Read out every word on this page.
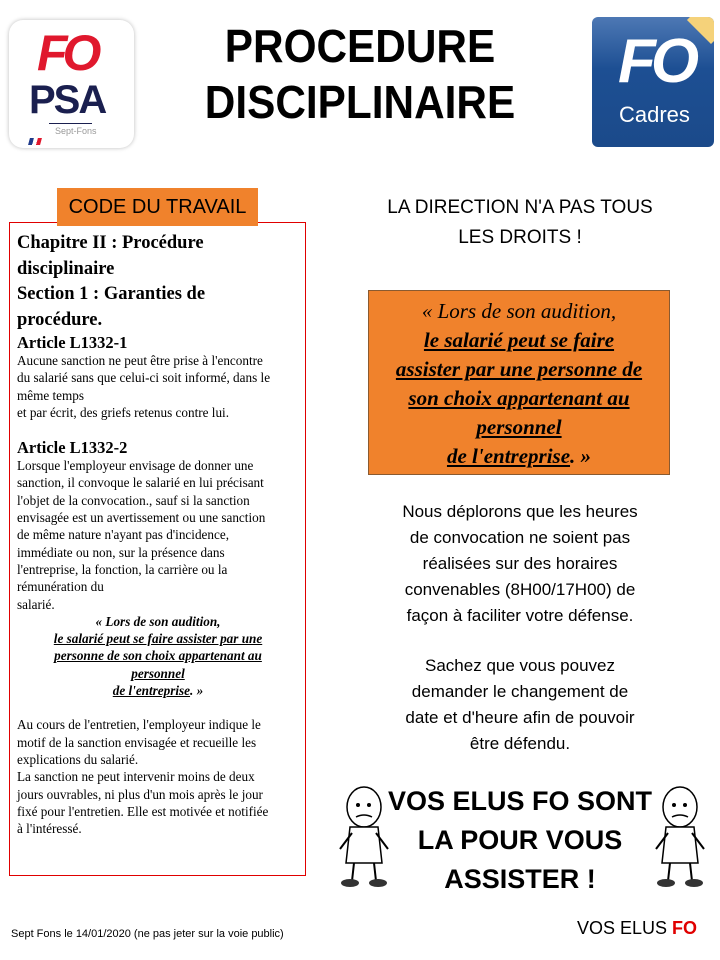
FO
PSA
Sept-Fons
PROCEDURE
DISCIPLINAIRE
FO
Cadres
CODE DU TRAVAIL
Chapitre II : Procédure
disciplinaire
Section 1 : Garanties de
procédure.
Article L1332-1
Aucune sanction ne peut être prise à l'encontre
du salarié sans que celui-ci soit informé, dans le
même temps
et par écrit, des griefs retenus contre lui.
Article L1332-2
Lorsque l'employeur envisage de donner une
sanction, il convoque le salarié en lui précisant
l'objet de la convocation., sauf si la sanction
envisagée est un avertissement ou une sanction
de même nature n'ayant pas d'incidence,
immédiate ou non, sur la présence dans
l'entreprise, la fonction, la carrière ou la
rémunération du
salarié.
« Lors de son audition,
le salarié peut se faire assister par une
personne de son choix appartenant au
personnel
de l'entreprise. »
Au cours de l'entretien, l'employeur indique le
motif de la sanction envisagée et recueille les
explications du salarié.
La sanction ne peut intervenir moins de deux
jours ouvrables, ni plus d'un mois après le jour
fixé pour l'entretien. Elle est motivée et notifiée
à l'intéressé.
LA DIRECTION N'A PAS TOUS
LES DROITS !
« Lors de son audition,
le salarié peut se faire
assister par une personne de
son choix appartenant au
personnel
de l'entreprise. »
Nous déplorons que les heures
de convocation ne soient pas
réalisées sur des horaires
convenables (8H00/17H00) de
façon à faciliter votre défense.
Sachez que vous pouvez
demander le changement de
date et d'heure afin de pouvoir
être défendu.
VOS ELUS FO SONT
LA POUR VOUS
ASSISTER !
Sept Fons le 14/01/2020 (ne pas jeter sur la voie public)	VOS ELUS FO
